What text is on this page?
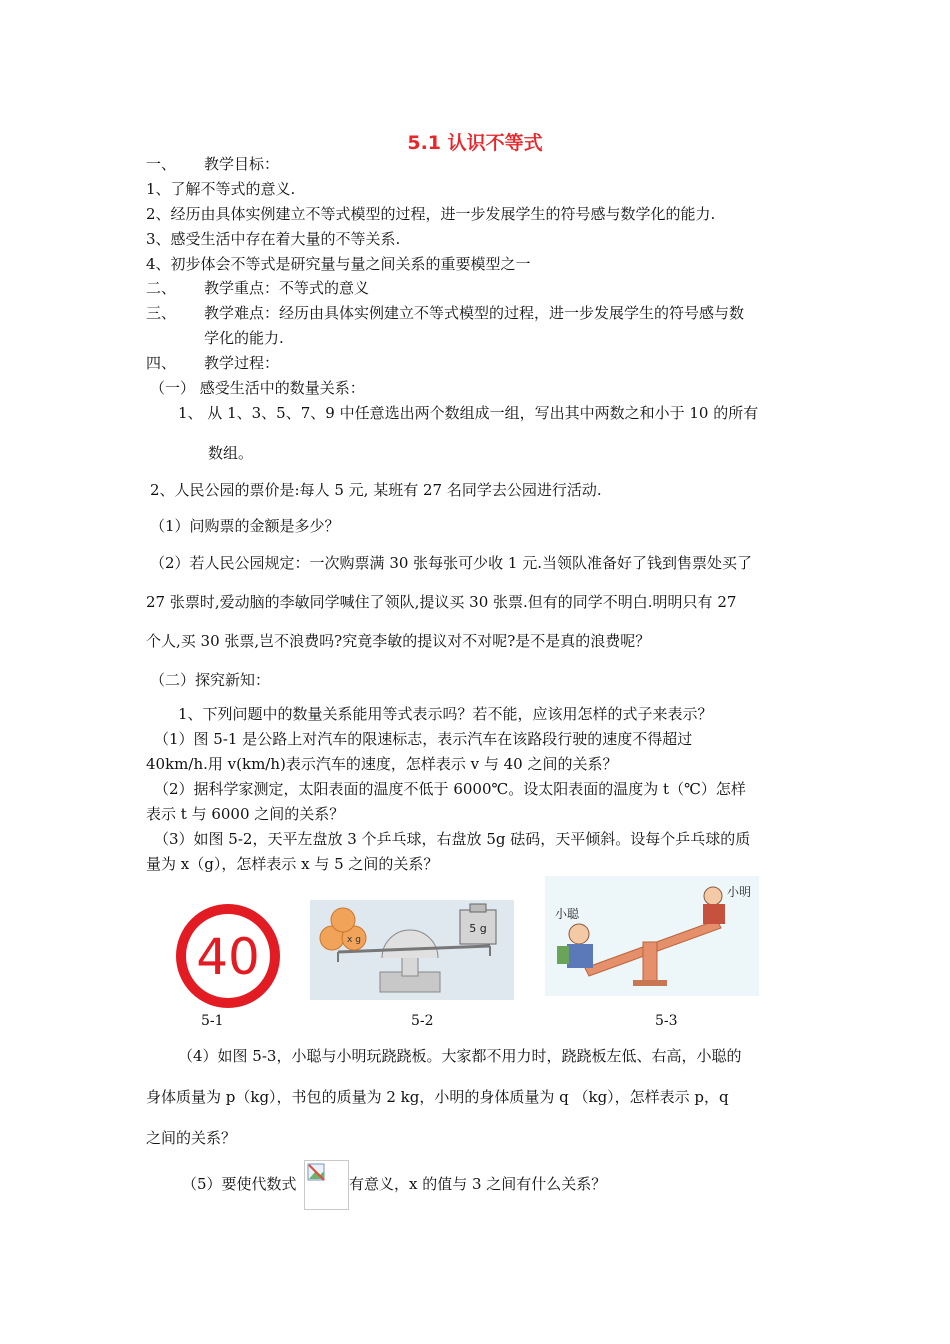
5.1 认识不等式
一、 教学目标：
1、了解不等式的意义.
2、经历由具体实例建立不等式模型的过程，进一步发展学生的符号感与数学化的能力.
3、感受生活中存在着大量的不等关系.
4、初步体会不等式是研究量与量之间关系的重要模型之一
二、 教学重点：不等式的意义
三、 教学难点：经历由具体实例建立不等式模型的过程，进一步发展学生的符号感与数
学化的能力.
四、 教学过程：
（一） 感受生活中的数量关系：
1、 从 1、3、5、7、9 中任意选出两个数组成一组，写出其中两数之和小于 10 的所有
数组。
2、人民公园的票价是:每人 5 元, 某班有 27 名同学去公园进行活动.
（1）问购票的金额是多少？
（2）若人民公园规定：一次购票满 30 张每张可少收 1 元.当领队准备好了钱到售票处买了
27 张票时,爱动脑的李敏同学喊住了领队,提议买 30 张票.但有的同学不明白.明明只有 27
个人,买 30 张票,岂不浪费吗?究竟李敏的提议对不对呢?是不是真的浪费呢？
（二）探究新知：
1、下列问题中的数量关系能用等式表示吗？若不能，应该用怎样的式子来表示？
（1）图 5-1 是公路上对汽车的限速标志，表示汽车在该路段行驶的速度不得超过
40km/h.用 v(km/h)表示汽车的速度，怎样表示 v 与 40 之间的关系？
（2）据科学家测定，太阳表面的温度不低于 6000℃。设太阳表面的温度为 t（℃）怎样
表示 t 与 6000 之间的关系？
（3）如图 5-2，天平左盘放 3 个乒乓球，右盘放 5g 砝码，天平倾斜。设每个乒乓球的质
量为 x（g），怎样表示 x 与 5 之间的关系？
40	x g
5 g
小聪
小明
5-1	5-2	5-3
（4）如图 5-3，小聪与小明玩跷跷板。大家都不用力时，跷跷板左低、右高，小聪的
身体质量为 p（kg），书包的质量为 2 kg，小明的身体质量为 q （kg），怎样表示 p，q
之间的关系？
（5）要使代数式	有意义，x 的值与 3 之间有什么关系？
